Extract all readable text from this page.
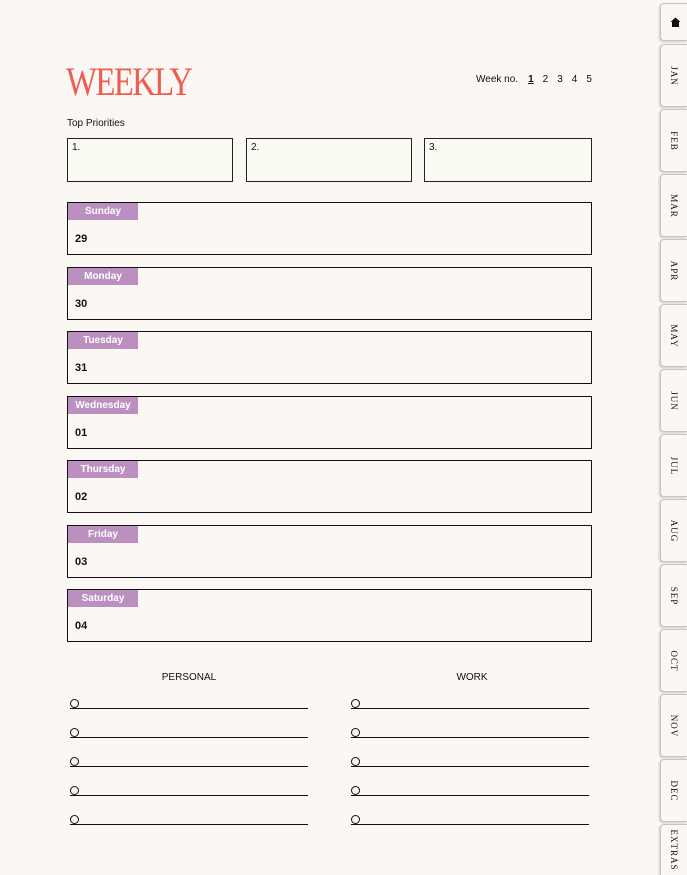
WEEKLY	Week no. 1 2 3 4 5
Top Priorities
1.	2.	3.
Sunday
29
Monday
30
Tuesday
31
Wednesday
01
Thursday
02
Friday
03
Saturday
04
PERSONAL	WORK
JAN
FEB
MAR
APR
MAY
JUN
JUL
AUG
SEP
OCT
NOV
DEC
EXTRAS
